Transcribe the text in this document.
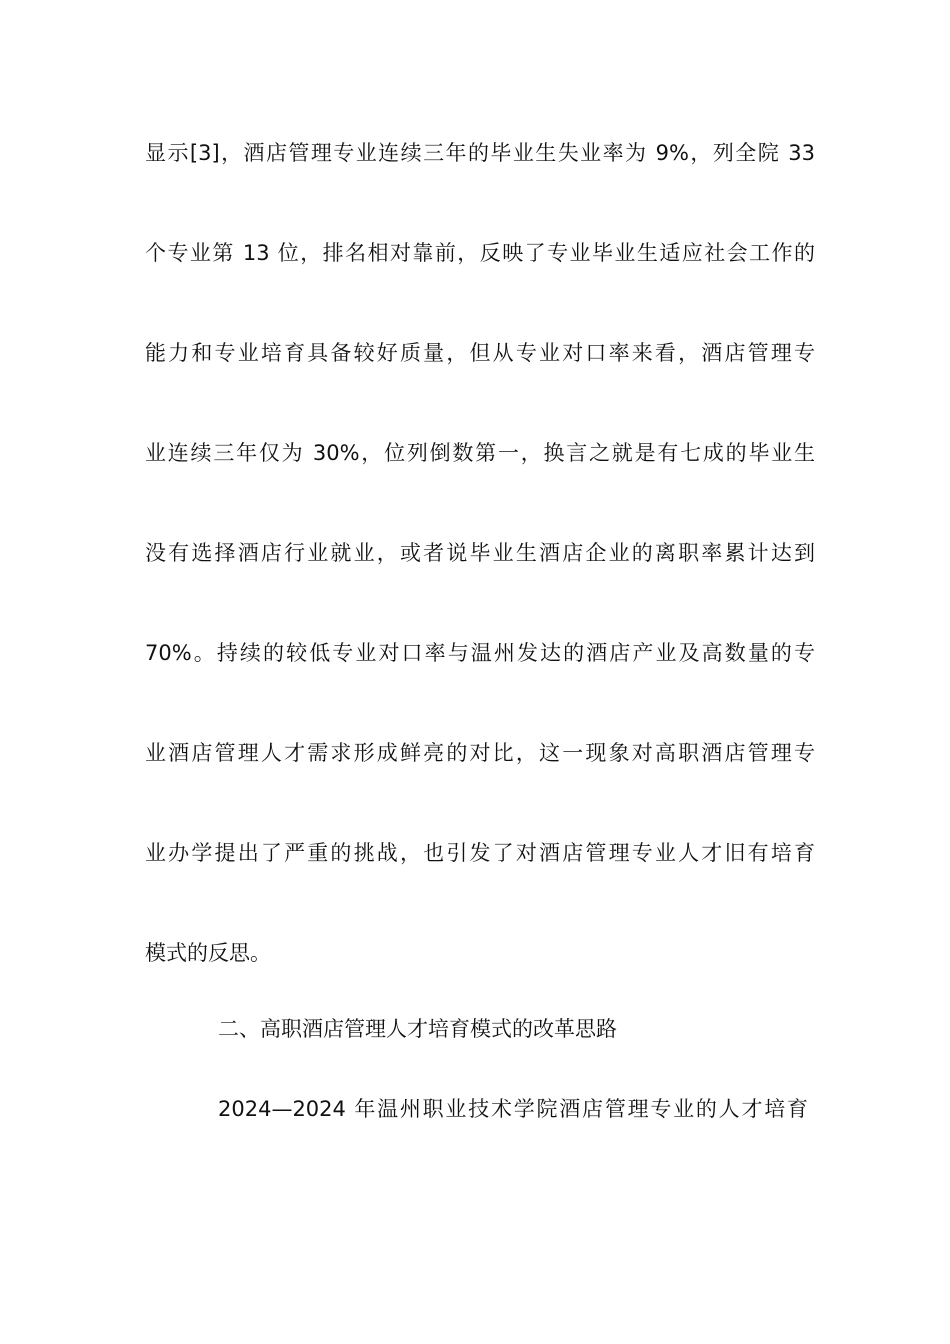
显示[3]，酒店管理专业连续三年的毕业生失业率为 9%，列全院 33
个专业第 13 位，排名相对靠前，反映了专业毕业生适应社会工作的
能力和专业培育具备较好质量，但从专业对口率来看，酒店管理专
业连续三年仅为 30%，位列倒数第一，换言之就是有七成的毕业生
没有选择酒店行业就业，或者说毕业生酒店企业的离职率累计达到
70%。持续的较低专业对口率与温州发达的酒店产业及高数量的专
业酒店管理人才需求形成鲜亮的对比，这一现象对高职酒店管理专
业办学提出了严重的挑战，也引发了对酒店管理专业人才旧有培育
模式的反思。
二、高职酒店管理人才培育模式的改革思路
2024—2024 年温州职业技术学院酒店管理专业的人才培育
